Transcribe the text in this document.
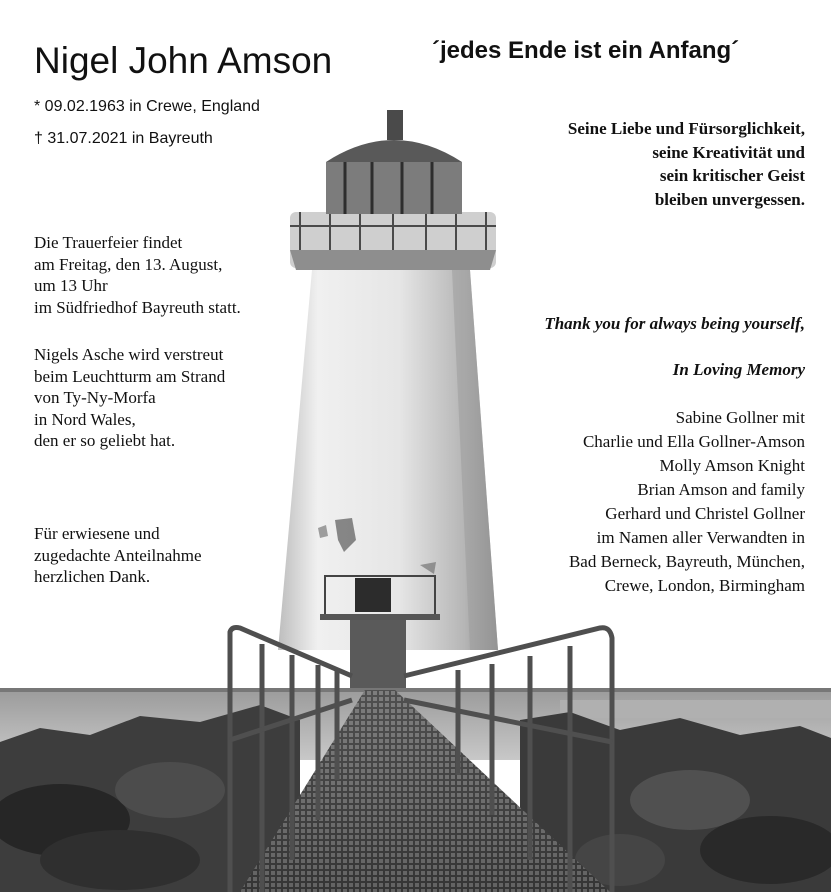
Nigel John Amson	´jedes Ende ist ein Anfang´
* 09.02.1963 in Crewe, England
† 31.07.2021 in Bayreuth
Die Trauerfeier findet
am Freitag, den 13. August,
um 13 Uhr
im Südfriedhof Bayreuth statt.
Nigels Asche wird verstreut
beim Leuchtturm am Strand
von Ty-Ny-Morfa
in Nord Wales,
den er so geliebt hat.
Für erwiesene und
zugedachte Anteilnahme
herzlichen Dank.
Seine Liebe und Fürsorglichkeit,
seine Kreativität und
sein kritischer Geist
bleiben unvergessen.
Thank you for always being yourself,
In Loving Memory
Sabine Gollner mit
Charlie und Ella Gollner-Amson
Molly Amson Knight
Brian Amson and family
Gerhard und Christel Gollner
im Namen aller Verwandten in
Bad Berneck, Bayreuth, München,
Crewe, London, Birmingham
